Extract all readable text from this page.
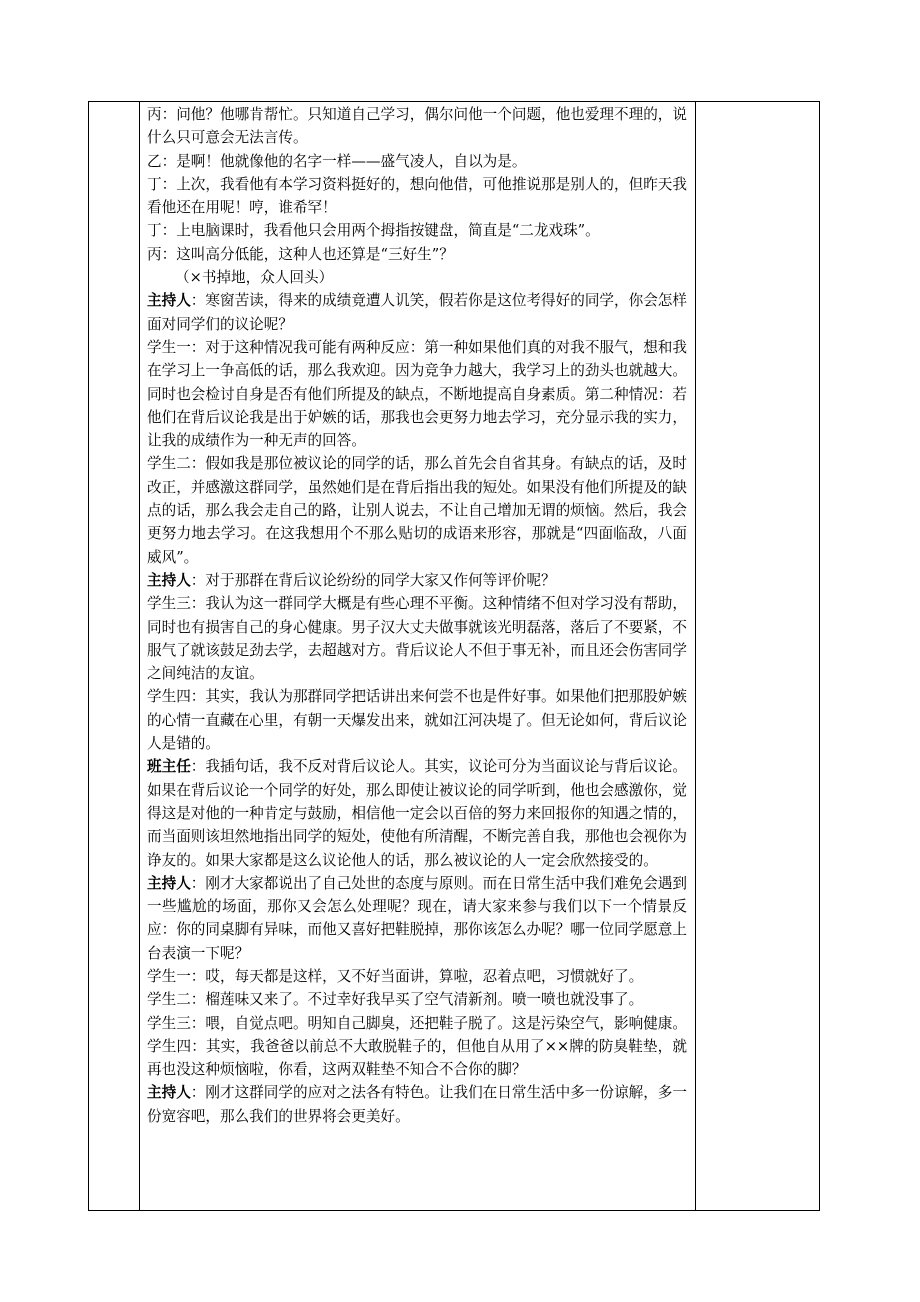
丙：问他？他哪肯帮忙。只知道自己学习，偶尔问他一个问题，他也爱理不理的，说什么只可意会无法言传。

乙：是啊！他就像他的名字一样——盛气凌人，自以为是。

丁：上次，我看他有本学习资料挺好的，想向他借，可他推说那是别人的，但昨天我看他还在用呢！哼，谁希罕！

丁：上电脑课时，我看他只会用两个拇指按键盘，简直是“二龙戏珠”。

丙：这叫高分低能，这种人也还算是“三好生”？

（×书掉地，众人回头）

主持人：寒窗苦读，得来的成绩竟遭人讥笑，假若你是这位考得好的同学，你会怎样面对同学们的议论呢？

学生一：对于这种情况我可能有两种反应：第一种如果他们真的对我不服气，想和我在学习上一争高低的话，那么我欢迎。因为竞争力越大，我学习上的劲头也就越大。同时也会检讨自身是否有他们所提及的缺点，不断地提高自身素质。第二种情况：若他们在背后议论我是出于妒嫉的话，那我也会更努力地去学习，充分显示我的实力，让我的成绩作为一种无声的回答。

学生二：假如我是那位被议论的同学的话，那么首先会自省其身。有缺点的话，及时改正，并感激这群同学，虽然她们是在背后指出我的短处。如果没有他们所提及的缺点的话，那么我会走自己的路，让别人说去，不让自己增加无谓的烦恼。然后，我会更努力地去学习。在这我想用个不那么贴切的成语来形容，那就是“四面临敌，八面威风”。

主持人：对于那群在背后议论纷纷的同学大家又作何等评价呢？

学生三：我认为这一群同学大概是有些心理不平衡。这种情绪不但对学习没有帮助，同时也有损害自己的身心健康。男子汉大丈夫做事就该光明磊落，落后了不要紧，不服气了就该鼓足劲去学，去超越对方。背后议论人不但于事无补，而且还会伤害同学之间纯洁的友谊。

学生四：其实，我认为那群同学把话讲出来何尝不也是件好事。如果他们把那股妒嫉的心情一直藏在心里，有朝一天爆发出来，就如江河决堤了。但无论如何，背后议论人是错的。

班主任：我插句话，我不反对背后议论人。其实，议论可分为当面议论与背后议论。如果在背后议论一个同学的好处，那么即使让被议论的同学听到，他也会感激你，觉得这是对他的一种肯定与鼓励，相信他一定会以百倍的努力来回报你的知遇之情的，而当面则该坦然地指出同学的短处，使他有所清醒，不断完善自我，那他也会视你为诤友的。如果大家都是这么议论他人的话，那么被议论的人一定会欣然接受的。

主持人：刚才大家都说出了自己处世的态度与原则。而在日常生活中我们难免会遇到一些尴尬的场面，那你又会怎么处理呢？现在，请大家来参与我们以下一个情景反应：你的同桌脚有异味，而他又喜好把鞋脱掉，那你该怎么办呢？哪一位同学愿意上台表演一下呢？

学生一：哎，每天都是这样，又不好当面讲，算啦，忍着点吧，习惯就好了。

学生二：榴莲味又来了。不过幸好我早买了空气清新剂。喷一喷也就没事了。

学生三：喂，自觉点吧。明知自己脚臭，还把鞋子脱了。这是污染空气，影响健康。

学生四：其实，我爸爸以前总不大敢脱鞋子的，但他自从用了××牌的防臭鞋垫，就再也没这种烦恼啦，你看，这两双鞋垫不知合不合你的脚？

主持人：刚才这群同学的应对之法各有特色。让我们在日常生活中多一份谅解，多一份宽容吧，那么我们的世界将会更美好。
